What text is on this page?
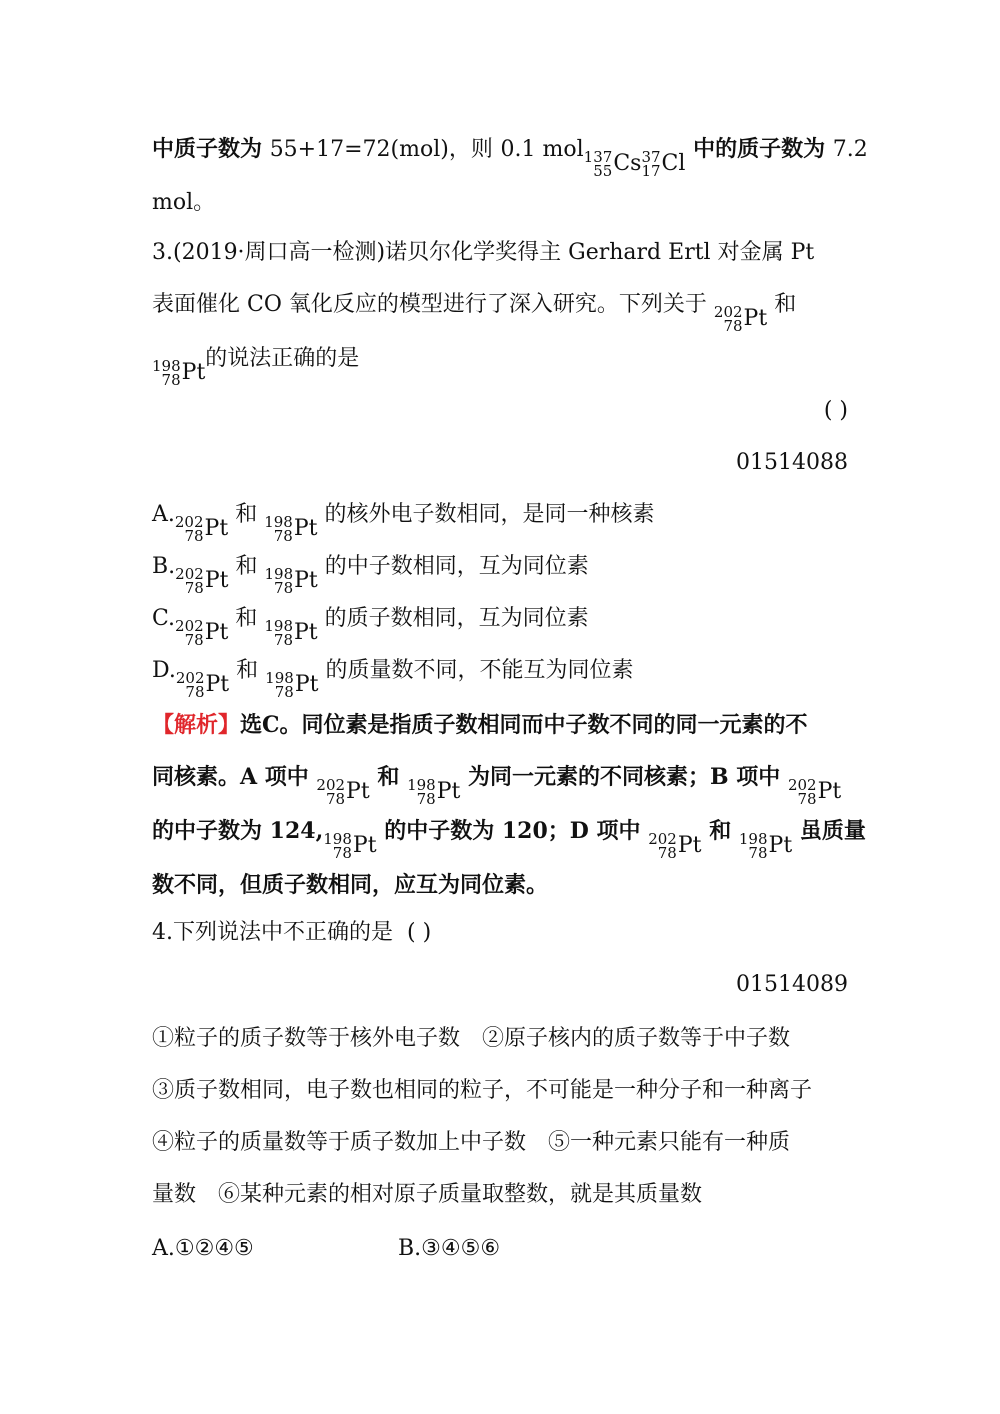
中质子数为 55+17=72(mol)，则 0.1 mol 137
55 Cs 37
17 Cl
中的质子数为 7.2
mol。
3.(2019·周口高一检测)诺贝尔化学奖得主 Gerhard Ertl 对金属 Pt
表面催化 CO 氧化反应的模型进行了深入研究。下列关于 202
78 Pt
和
198
78 Pt
的说法正确的是
( )
01514088
A. 202
78 Pt
和 198
78 Pt
的核外电子数相同，是同一种核素
B. 202
78 Pt
和 198
78 Pt
的中子数相同，互为同位素
C. 202
78 Pt
和 198
78 Pt
的质子数相同，互为同位素
D. 202
78 Pt
和 198
78 Pt
的质量数不同，不能互为同位素
【解析】选C。同位素是指质子数相同而中子数不同的同一元素的不
同核素。A 项中 202
78 Pt
和 198
78 Pt
为同一元素的不同核素；B 项中 202
78 Pt
的中子数为 124, 198
78 Pt
的中子数为 120；D 项中 202
78 Pt
和 198
78 Pt
虽质量
数不同，但质子数相同，应互为同位素。
4.下列说法中不正确的是 ( )
01514089
①粒子的质子数等于核外电子数　②原子核内的质子数等于中子数
③质子数相同，电子数也相同的粒子，不可能是一种分子和一种离子
④粒子的质量数等于质子数加上中子数　⑤一种元素只能有一种质
量数　⑥某种元素的相对原子质量取整数，就是其质量数
A.①②④⑤	B.③④⑤⑥
